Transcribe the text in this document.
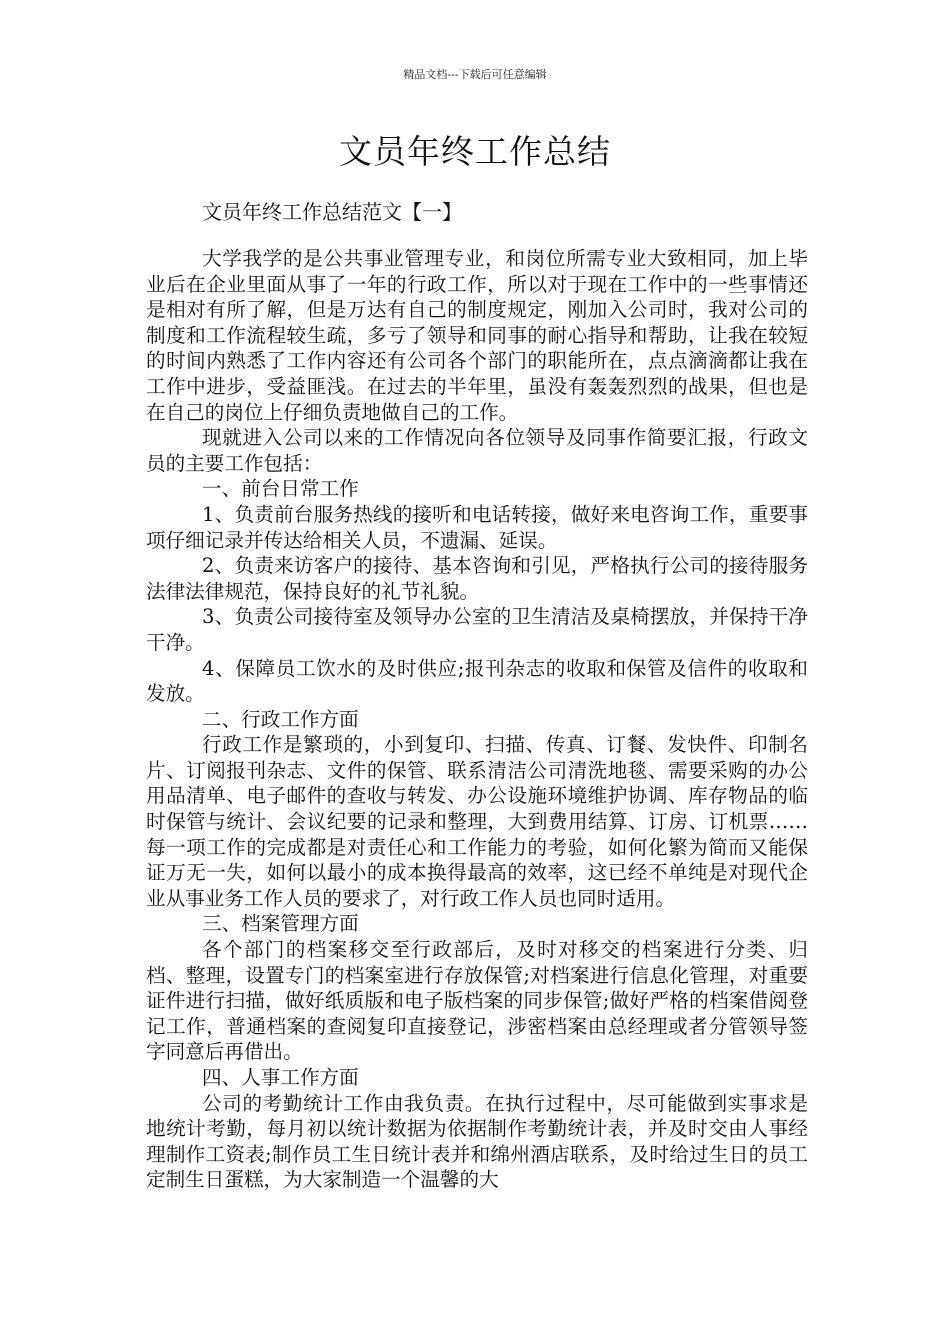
精品文档---下载后可任意编辑
文员年终工作总结

文员年终工作总结范文【一】

大学我学的是公共事业管理专业，和岗位所需专业大致相同，加上毕业后在企业里面从事了一年的行政工作，所以对于现在工作中的一些事情还是相对有所了解，但是万达有自己的制度规定，刚加入公司时，我对公司的制度和工作流程较生疏，多亏了领导和同事的耐心指导和帮助，让我在较短的时间内熟悉了工作内容还有公司各个部门的职能所在，点点滴滴都让我在工作中进步，受益匪浅。在过去的半年里，虽没有轰轰烈烈的战果，但也是在自己的岗位上仔细负责地做自己的工作。

现就进入公司以来的工作情况向各位领导及同事作简要汇报，行政文员的主要工作包括：

一、前台日常工作

1、负责前台服务热线的接听和电话转接，做好来电咨询工作，重要事项仔细记录并传达给相关人员，不遗漏、延误。

2、负责来访客户的接待、基本咨询和引见，严格执行公司的接待服务法律法律规范，保持良好的礼节礼貌。

3、负责公司接待室及领导办公室的卫生清洁及桌椅摆放，并保持干净干净。

4、保障员工饮水的及时供应;报刊杂志的收取和保管及信件的收取和发放。

二、行政工作方面

行政工作是繁琐的，小到复印、扫描、传真、订餐、发快件、印制名片、订阅报刊杂志、文件的保管、联系清洁公司清洗地毯、需要采购的办公用品清单、电子邮件的查收与转发、办公设施环境维护协调、库存物品的临时保管与统计、会议纪要的记录和整理，大到费用结算、订房、订机票……每一项工作的完成都是对责任心和工作能力的考验，如何化繁为简而又能保证万无一失，如何以最小的成本换得最高的效率，这已经不单纯是对现代企业从事业务工作人员的要求了，对行政工作人员也同时适用。

三、档案管理方面

各个部门的档案移交至行政部后，及时对移交的档案进行分类、归档、整理，设置专门的档案室进行存放保管;对档案进行信息化管理，对重要证件进行扫描，做好纸质版和电子版档案的同步保管;做好严格的档案借阅登记工作，普通档案的查阅复印直接登记，涉密档案由总经理或者分管领导签字同意后再借出。

四、人事工作方面

公司的考勤统计工作由我负责。在执行过程中，尽可能做到实事求是地统计考勤，每月初以统计数据为依据制作考勤统计表，并及时交由人事经理制作工资表;制作员工生日统计表并和绵州酒店联系，及时给过生日的员工定制生日蛋糕，为大家制造一个温馨的大
